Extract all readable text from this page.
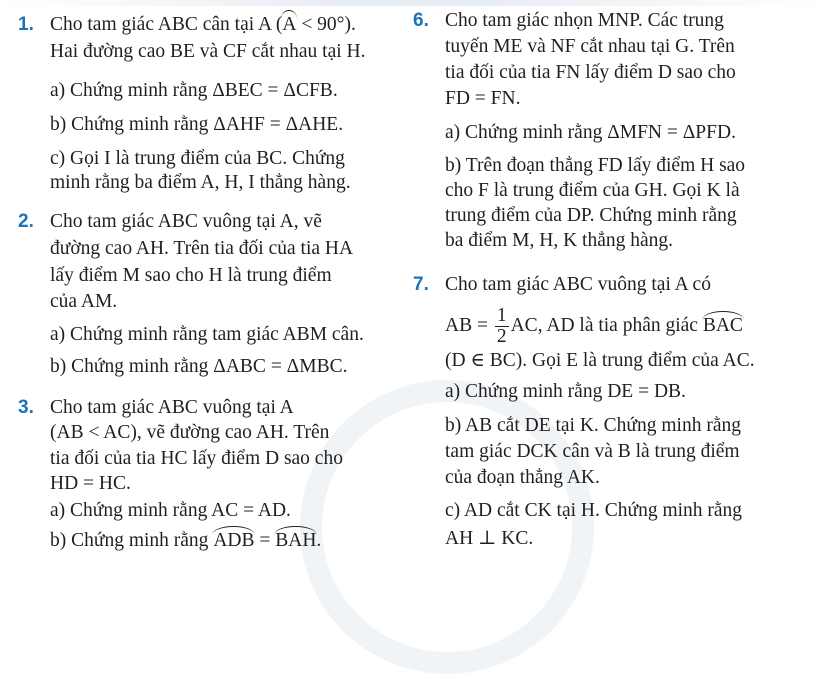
1. Cho tam giác ABC cân tại A (A < 90°).
Hai đường cao BE và CF cắt nhau tại H.
a) Chứng minh rằng ΔBEC = ΔCFB.
b) Chứng minh rằng ΔAHF = ΔAHE.
c) Gọi I là trung điểm của BC. Chứng
minh rằng ba điểm A, H, I thẳng hàng.
2. Cho tam giác ABC vuông tại A, vẽ
đường cao AH. Trên tia đối của tia HA
lấy điểm M sao cho H là trung điểm
của AM.
a) Chứng minh rằng tam giác ABM cân.
b) Chứng minh rằng ΔABC = ΔMBC.
3. Cho tam giác ABC vuông tại A
(AB < AC), vẽ đường cao AH. Trên
tia đối của tia HC lấy điểm D sao cho
HD = HC.
a) Chứng minh rằng AC = AD.
b) Chứng minh rằng ADB = BAH.
6. Cho tam giác nhọn MNP. Các trung
tuyến ME và NF cắt nhau tại G. Trên
tia đối của tia FN lấy điểm D sao cho
FD = FN.
a) Chứng minh rằng ΔMFN = ΔPFD.
b) Trên đoạn thẳng FD lấy điểm H sao
cho F là trung điểm của GH. Gọi K là
trung điểm của DP. Chứng minh rằng
ba điểm M, H, K thẳng hàng.
7. Cho tam giác ABC vuông tại A có
AB = $\frac{1}{2}$ AC, AD là tia phân giác BAC
(D ∈ BC). Gọi E là trung điểm của AC.
a) Chứng minh rằng DE = DB.
b) AB cắt DE tại K. Chứng minh rằng
tam giác DCK cân và B là trung điểm
của đoạn thẳng AK.
c) AD cắt CK tại H. Chứng minh rằng
AH ⊥ KC.
